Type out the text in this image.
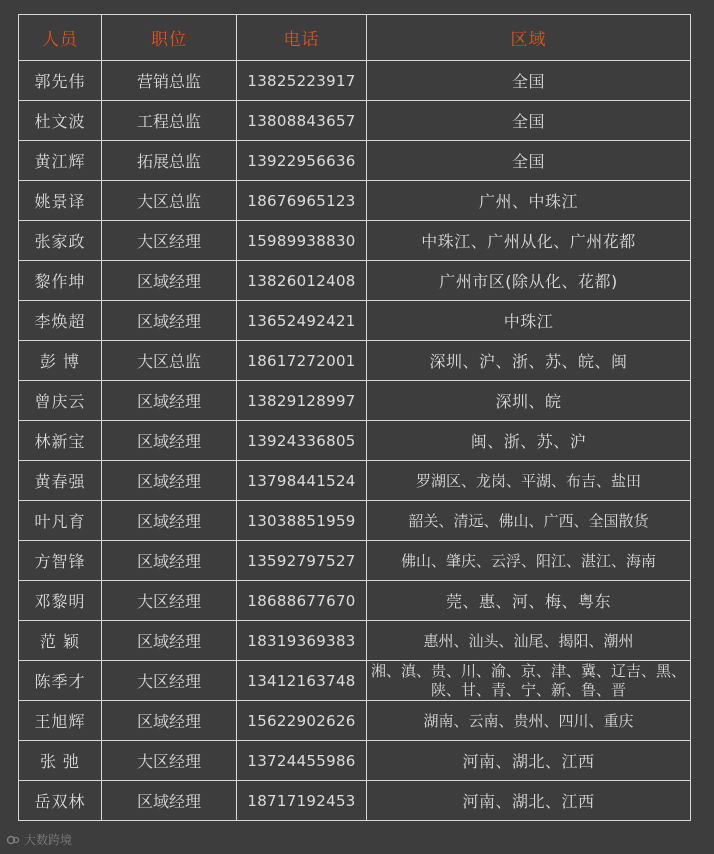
人员	职位	电话	区域
郭先伟	营销总监	13825223917	全国
杜文波	工程总监	13808843657	全国
黄江辉	拓展总监	13922956636	全国
姚景译	大区总监	18676965123	广州、中珠江
张家政	大区经理	15989938830	中珠江、广州从化、广州花都
黎作坤	区域经理	13826012408	广州市区(除从化、花都)
李焕超	区域经理	13652492421	中珠江
彭 博	大区总监	18617272001	深圳、沪、浙、苏、皖、闽
曾庆云	区域经理	13829128997	深圳、皖
林新宝	区域经理	13924336805	闽、浙、苏、沪
黄春强	区域经理	13798441524	罗湖区、龙岗、平湖、布吉、盐田
叶凡育	区域经理	13038851959	韶关、清远、佛山、广西、全国散货
方智锋	区域经理	13592797527	佛山、肇庆、云浮、阳江、湛江、海南
邓黎明	大区经理	18688677670	莞、惠、河、梅、粤东
范 颖	区域经理	18319369383	惠州、汕头、汕尾、揭阳、潮州
陈季才	大区经理	13412163748	湘、滇、贵、川、渝、京、津、冀、辽吉、黑、陕、甘、青、宁、新、鲁、晋
王旭辉	区域经理	15622902626	湖南、云南、贵州、四川、重庆
张 弛	大区经理	13724455986	河南、湖北、江西
岳双林	区域经理	18717192453	河南、湖北、江西
大数跨境
